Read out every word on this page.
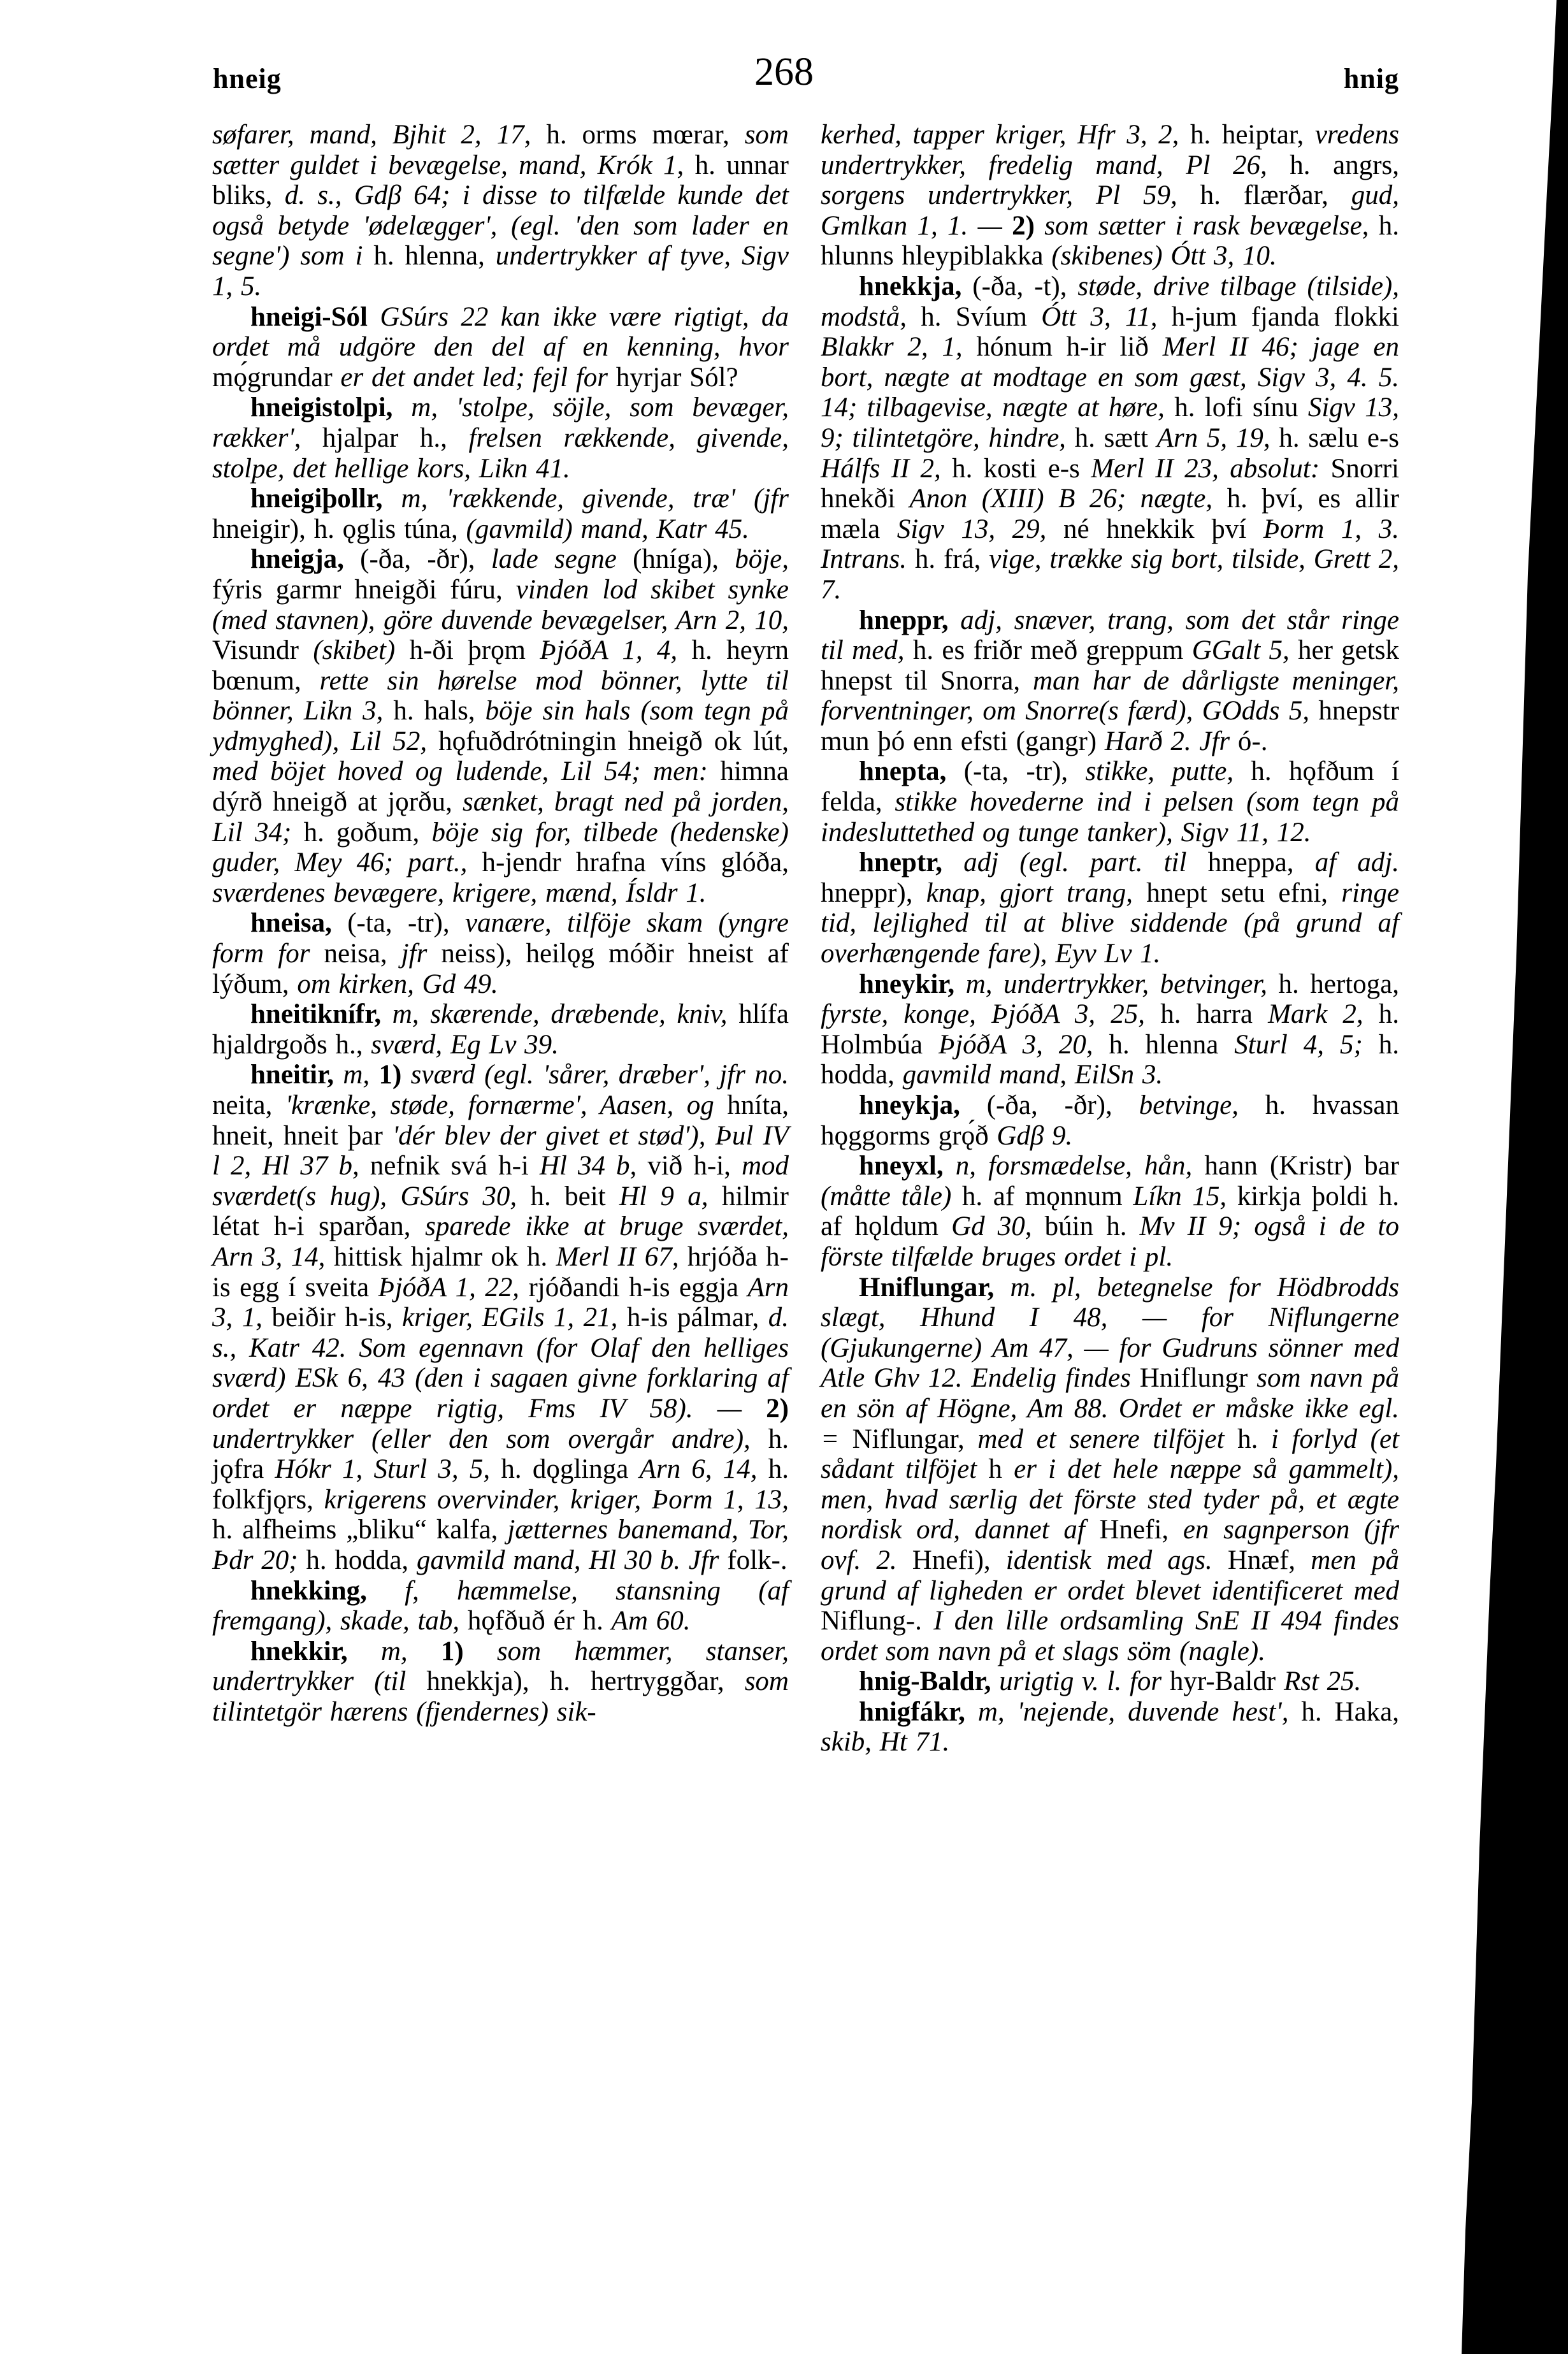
hneig	268	hnig

søfarer, mand, Bjhit 2, 17, h. orms mœrar, som sætter guldet i bevægelse, mand, Krók 1, h. unnar bliks, d. s., Gdβ 64; i disse to tilfælde kunde det også betyde 'ødelægger', (egl. 'den som lader en segne') som i h. hlenna, undertrykker af tyve, Sigv 1, 5.

hneigi-Sól GSúrs 22 kan ikke være rigtigt, da ordet må udgöre den del af en kenning, hvor mǫ́grundar er det andet led; fejl for hyrjar Sól?

hneigistolpi, m, 'stolpe, söjle, som bevæger, rækker', hjalpar h., frelsen rækkende, givende, stolpe, det hellige kors, Likn 41.

hneigiþollr, m, 'rækkende, givende, træ' (jfr hneigir), h. ǫglis túna, (gavmild) mand, Katr 45.

hneigja, (-ða, -ðr), lade segne (hníga), böje, fýris garmr hneigði fúru, vinden lod skibet synke (med stavnen), göre duvende bevægelser, Arn 2, 10, Visundr (skibet) h-ði þrǫm ÞjóðA 1, 4, h. heyrn bœnum, rette sin hørelse mod bönner, lytte til bönner, Likn 3, h. hals, böje sin hals (som tegn på ydmyghed), Lil 52, hǫfuðdrótningin hneigð ok lút, med böjet hoved og ludende, Lil 54; men: himna dýrð hneigð at jǫrðu, sænket, bragt ned på jorden, Lil 34; h. goðum, böje sig for, tilbede (hedenske) guder, Mey 46; part., h-jendr hrafna víns glóða, sværdenes bevægere, krigere, mænd, Ísldr 1.

hneisa, (-ta, -tr), vanære, tilföje skam (yngre form for neisa, jfr neiss), heilǫg móðir hneist af lýðum, om kirken, Gd 49.

hneitiknífr, m, skærende, dræbende, kniv, hlífa hjaldrgoðs h., sværd, Eg Lv 39.

hneitir, m, 1) sværd (egl. 'sårer, dræber', jfr no. neita, 'krænke, støde, fornærme', Aasen, og hníta, hneit, hneit þar 'dér blev der givet et stød'), Þul IV l 2, Hl 37 b, nefnik svá h-i Hl 34 b, við h-i, mod sværdet(s hug), GSúrs 30, h. beit Hl 9 a, hilmir létat h-i sparðan, sparede ikke at bruge sværdet, Arn 3, 14, hittisk hjalmr ok h. Merl II 67, hrjóða h-is egg í sveita ÞjóðA 1, 22, rjóðandi h-is eggja Arn 3, 1, beiðir h-is, kriger, EGils 1, 21, h-is pálmar, d. s., Katr 42. Som egennavn (for Olaf den helliges sværd) ESk 6, 43 (den i sagaen givne forklaring af ordet er næppe rigtig, Fms IV 58). — 2) undertrykker (eller den som overgår andre), h. jǫfra Hókr 1, Sturl 3, 5, h. dǫglinga Arn 6, 14, h. folkfjǫrs, krigerens overvinder, kriger, Þorm 1, 13, h. alfheims „bliku“ kalfa, jætternes banemand, Tor, Þdr 20; h. hodda, gavmild mand, Hl 30 b. Jfr folk-.

hnekking, f, hæmmelse, stansning (af fremgang), skade, tab, hǫfðuð ér h. Am 60.

hnekkir, m, 1) som hæmmer, stanser, undertrykker (til hnekkja), h. hertryggðar, som tilintetgör hærens (fjendernes) sik-

kerhed, tapper kriger, Hfr 3, 2, h. heiptar, vredens undertrykker, fredelig mand, Pl 26, h. angrs, sorgens undertrykker, Pl 59, h. flærðar, gud, Gmlkan 1, 1. — 2) som sætter i rask bevægelse, h. hlunns hleypiblakka (skibenes) Ótt 3, 10.

hnekkja, (-ða, -t), støde, drive tilbage (tilside), modstå, h. Svíum Ótt 3, 11, h-jum fjanda flokki Blakkr 2, 1, hónum h-ir lið Merl II 46; jage en bort, nægte at modtage en som gæst, Sigv 3, 4. 5. 14; tilbagevise, nægte at høre, h. lofi sínu Sigv 13, 9; tilintetgöre, hindre, h. sætt Arn 5, 19, h. sælu e-s Hálfs II 2, h. kosti e-s Merl II 23, absolut: Snorri hnekði Anon (XIII) B 26; nægte, h. því, es allir mæla Sigv 13, 29, né hnekkik því Þorm 1, 3. Intrans. h. frá, vige, trække sig bort, tilside, Grett 2, 7.

hneppr, adj, snæver, trang, som det står ringe til med, h. es friðr með greppum GGalt 5, her getsk hnepst til Snorra, man har de dårligste meninger, forventninger, om Snorre(s færd), GOdds 5, hnepstr mun þó enn efsti (gangr) Harð 2. Jfr ó-.

hnepta, (-ta, -tr), stikke, putte, h. hǫfðum í felda, stikke hovederne ind i pelsen (som tegn på indesluttethed og tunge tanker), Sigv 11, 12.

hneptr, adj (egl. part. til hneppa, af adj. hneppr), knap, gjort trang, hnept setu efni, ringe tid, lejlighed til at blive siddende (på grund af overhængende fare), Eyv Lv 1.

hneykir, m, undertrykker, betvinger, h. hertoga, fyrste, konge, ÞjóðA 3, 25, h. harra Mark 2, h. Holmbúa ÞjóðA 3, 20, h. hlenna Sturl 4, 5; h. hodda, gavmild mand, EilSn 3.

hneykja, (-ða, -ðr), betvinge, h. hvassan hǫggorms grǫ́ð Gdβ 9.

hneyxl, n, forsmædelse, hån, hann (Kristr) bar (måtte tåle) h. af mǫnnum Líkn 15, kirkja þoldi h. af hǫldum Gd 30, búin h. Mv II 9; også i de to förste tilfælde bruges ordet i pl.

Hniflungar, m. pl, betegnelse for Hödbrodds slægt, Hhund I 48, — for Niflungerne (Gjukungerne) Am 47, — for Gudruns sönner med Atle Ghv 12. Endelig findes Hniflungr som navn på en sön af Högne, Am 88. Ordet er måske ikke egl. = Niflungar, med et senere tilföjet h. i forlyd (et sådant tilföjet h er i det hele næppe så gammelt), men, hvad særlig det förste sted tyder på, et ægte nordisk ord, dannet af Hnefi, en sagnperson (jfr ovf. 2. Hnefi), identisk med ags. Hnæf, men på grund af ligheden er ordet blevet identificeret med Niflung-. I den lille ordsamling SnE II 494 findes ordet som navn på et slags söm (nagle).

hnig-Baldr, urigtig v. l. for hyr-Baldr Rst 25.

hnigfákr, m, 'nejende, duvende hest', h. Haka, skib, Ht 71.
